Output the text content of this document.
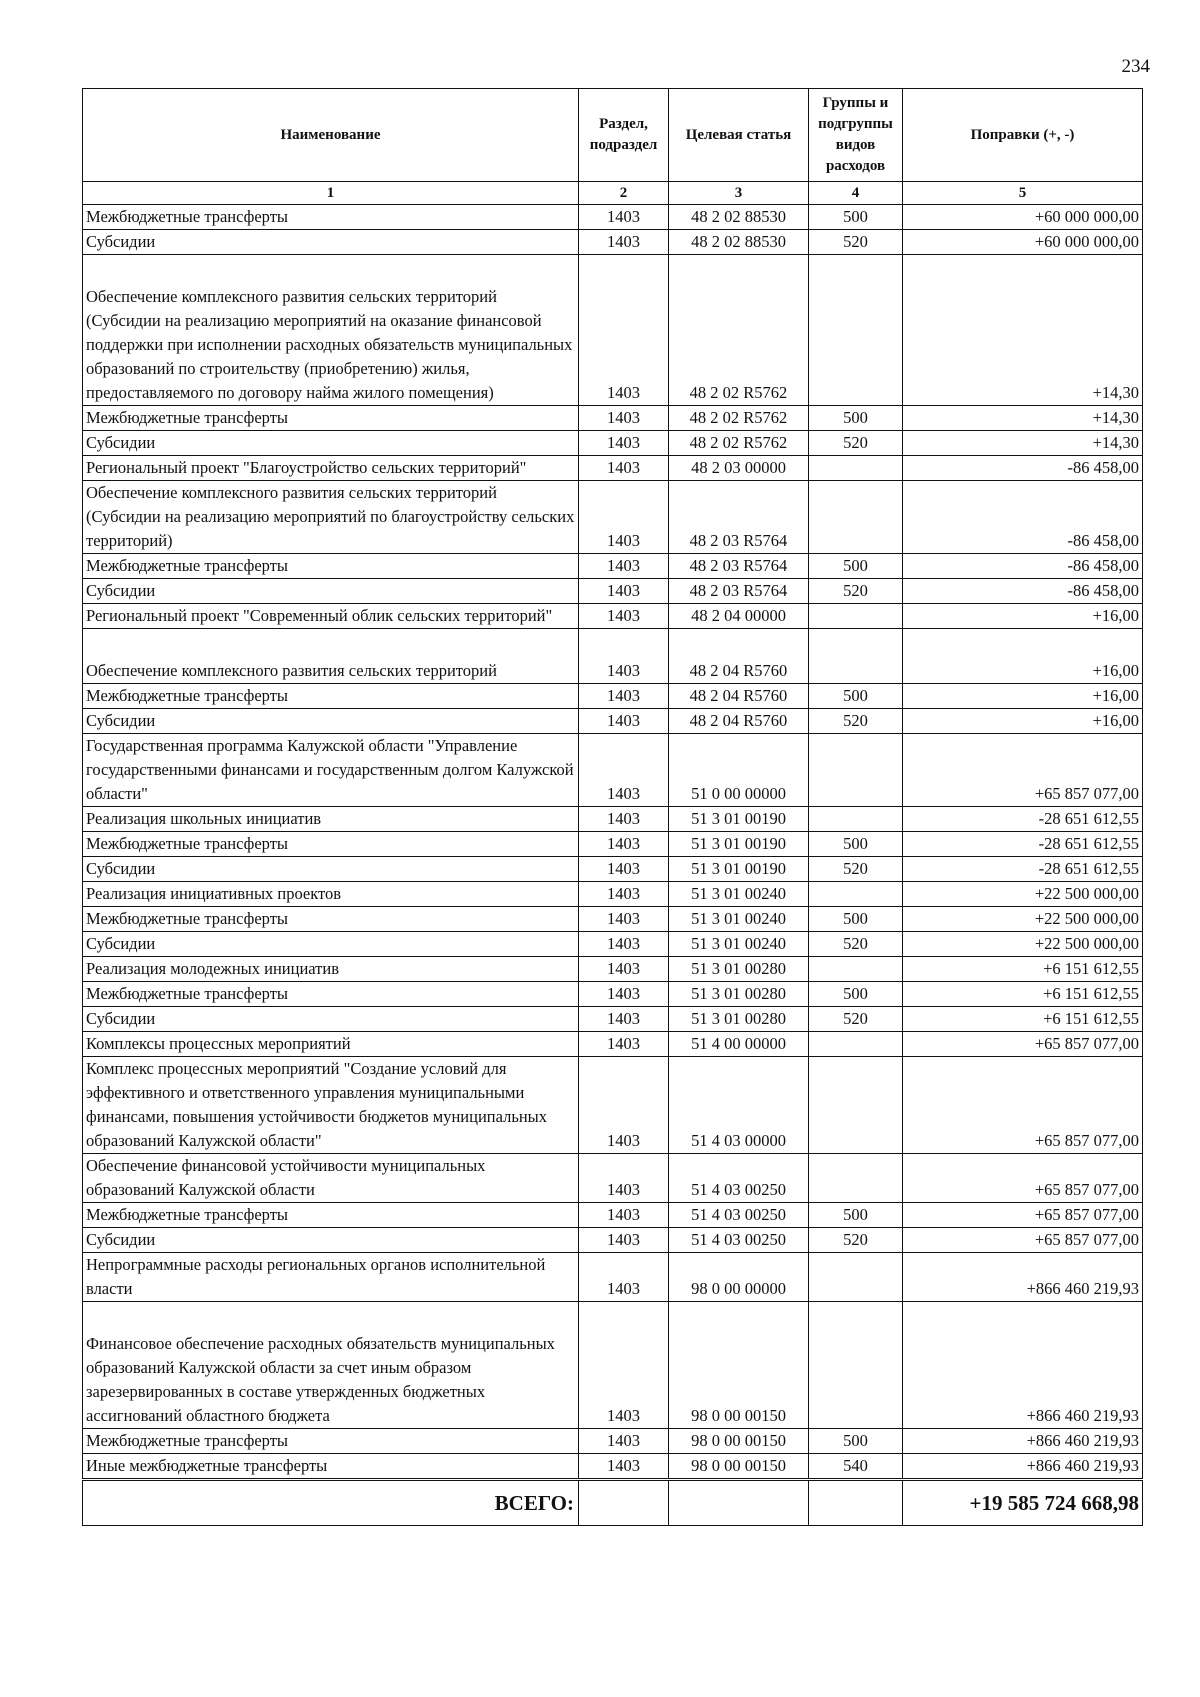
234
Наименование	Раздел, подраздел	Целевая статья	Группы и подгруппы видов расходов	Поправки (+, -)
1	2	3	4	5
Межбюджетные трансферты	1403	48 2 02 88530	500	+60 000 000,00
Субсидии	1403	48 2 02 88530	520	+60 000 000,00
Обеспечение комплексного развития сельских территорий (Субсидии на реализацию мероприятий на оказание финансовой поддержки при исполнении расходных обязательств муниципальных образований по строительству (приобретению) жилья, предоставляемого по договору найма жилого помещения)	1403	48 2 02 R5762		+14,30
Межбюджетные трансферты	1403	48 2 02 R5762	500	+14,30
Субсидии	1403	48 2 02 R5762	520	+14,30
Региональный проект "Благоустройство сельских территорий"	1403	48 2 03 00000		-86 458,00
Обеспечение комплексного развития сельских территорий (Субсидии на реализацию мероприятий по благоустройству сельских территорий)	1403	48 2 03 R5764		-86 458,00
Межбюджетные трансферты	1403	48 2 03 R5764	500	-86 458,00
Субсидии	1403	48 2 03 R5764	520	-86 458,00
Региональный проект "Современный облик сельских территорий"	1403	48 2 04 00000		+16,00
Обеспечение комплексного развития сельских территорий	1403	48 2 04 R5760		+16,00
Межбюджетные трансферты	1403	48 2 04 R5760	500	+16,00
Субсидии	1403	48 2 04 R5760	520	+16,00
Государственная программа Калужской области "Управление государственными финансами и государственным долгом Калужской области"	1403	51 0 00 00000		+65 857 077,00
Реализация школьных инициатив	1403	51 3 01 00190		-28 651 612,55
Межбюджетные трансферты	1403	51 3 01 00190	500	-28 651 612,55
Субсидии	1403	51 3 01 00190	520	-28 651 612,55
Реализация инициативных проектов	1403	51 3 01 00240		+22 500 000,00
Межбюджетные трансферты	1403	51 3 01 00240	500	+22 500 000,00
Субсидии	1403	51 3 01 00240	520	+22 500 000,00
Реализация молодежных инициатив	1403	51 3 01 00280		+6 151 612,55
Межбюджетные трансферты	1403	51 3 01 00280	500	+6 151 612,55
Субсидии	1403	51 3 01 00280	520	+6 151 612,55
Комплексы процессных мероприятий	1403	51 4 00 00000		+65 857 077,00
Комплекс процессных мероприятий "Создание условий для эффективного и ответственного управления муниципальными финансами, повышения устойчивости бюджетов муниципальных образований Калужской области"	1403	51 4 03 00000		+65 857 077,00
Обеспечение финансовой устойчивости муниципальных образований Калужской области	1403	51 4 03 00250		+65 857 077,00
Межбюджетные трансферты	1403	51 4 03 00250	500	+65 857 077,00
Субсидии	1403	51 4 03 00250	520	+65 857 077,00
Непрограммные расходы региональных органов исполнительной власти	1403	98 0 00 00000		+866 460 219,93
Финансовое обеспечение расходных обязательств муниципальных образований Калужской области за счет иным образом зарезервированных в составе утвержденных бюджетных ассигнований областного бюджета	1403	98 0 00 00150		+866 460 219,93
Межбюджетные трансферты	1403	98 0 00 00150	500	+866 460 219,93
Иные межбюджетные трансферты	1403	98 0 00 00150	540	+866 460 219,93
ВСЕГО:				+19 585 724 668,98
